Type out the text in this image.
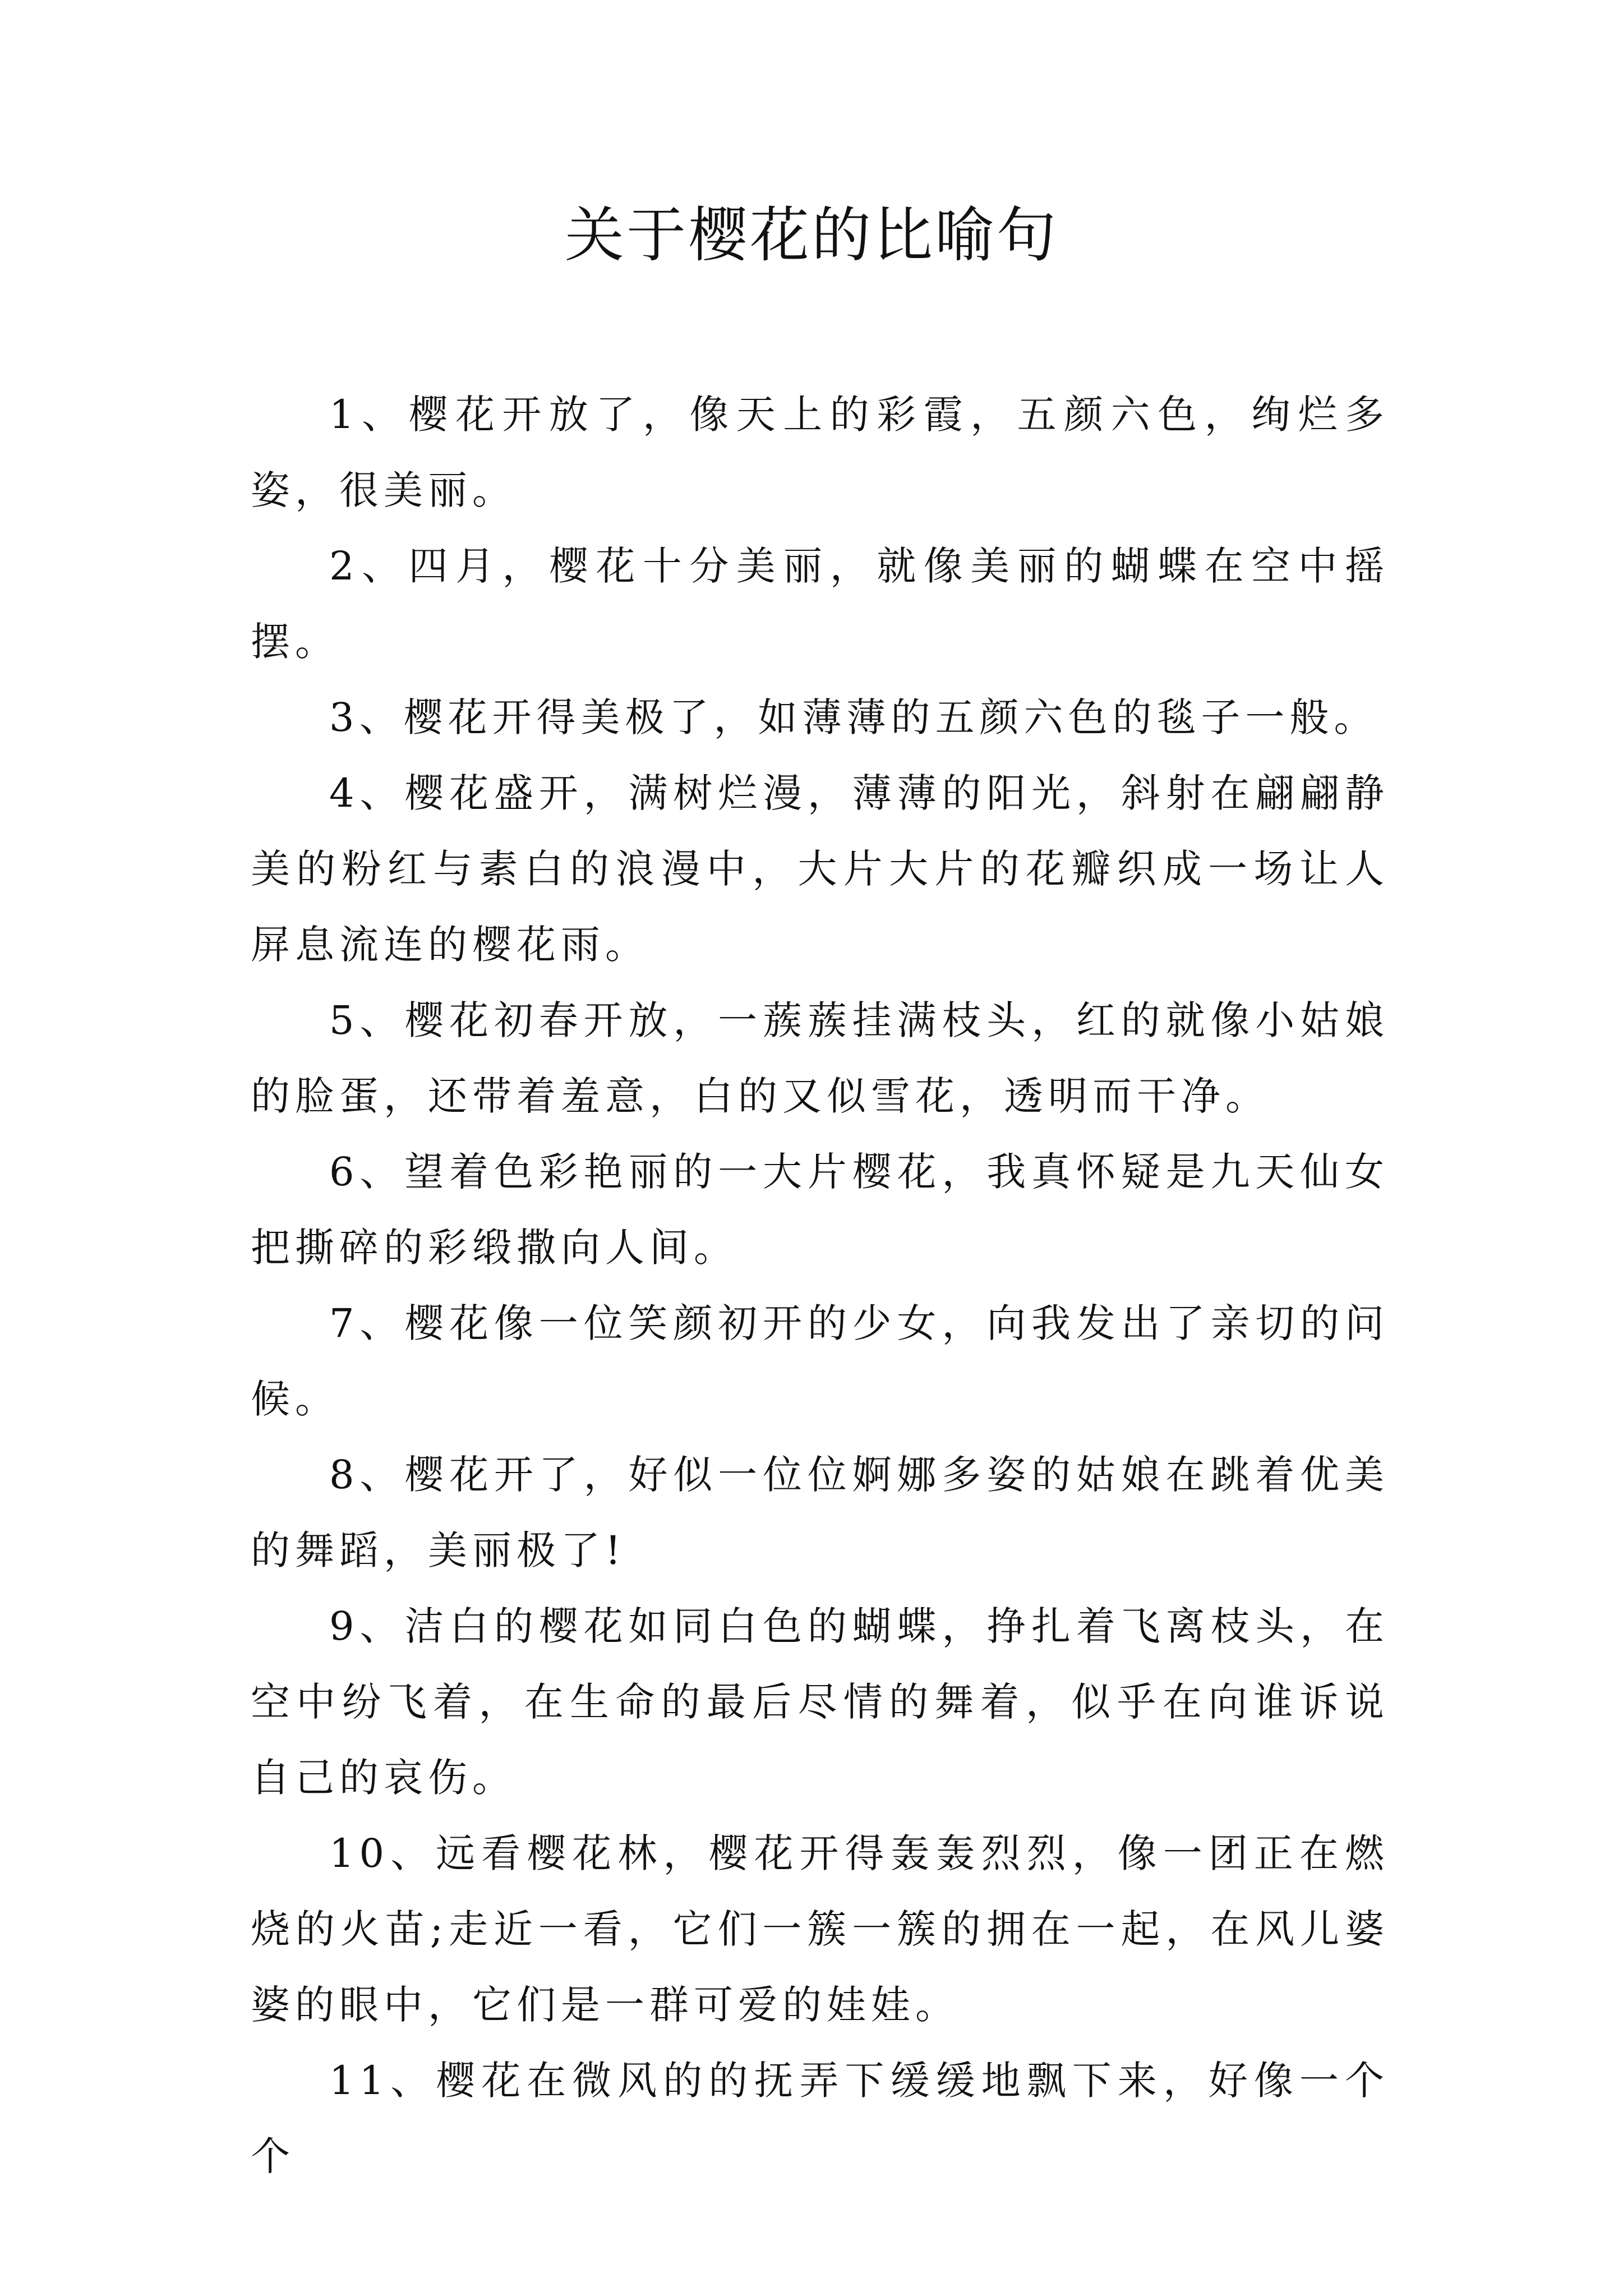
关于樱花的比喻句

1、樱花开放了，像天上的彩霞，五颜六色，绚烂多姿，很美丽。

2、四月，樱花十分美丽，就像美丽的蝴蝶在空中摇摆。

3、樱花开得美极了，如薄薄的五颜六色的毯子一般。

4、樱花盛开，满树烂漫，薄薄的阳光，斜射在翩翩静美的粉红与素白的浪漫中，大片大片的花瓣织成一场让人屏息流连的樱花雨。

5、樱花初春开放，一蔟蔟挂满枝头，红的就像小姑娘的脸蛋，还带着羞意，白的又似雪花，透明而干净。

6、望着色彩艳丽的一大片樱花，我真怀疑是九天仙女把撕碎的彩缎撒向人间。

7、樱花像一位笑颜初开的少女，向我发出了亲切的问候。

8、樱花开了，好似一位位婀娜多姿的姑娘在跳着优美的舞蹈，美丽极了!

9、洁白的樱花如同白色的蝴蝶，挣扎着飞离枝头，在空中纷飞着，在生命的最后尽情的舞着，似乎在向谁诉说自己的哀伤。

10、远看樱花林，樱花开得轰轰烈烈，像一团正在燃烧的火苗;走近一看，它们一簇一簇的拥在一起，在风儿婆婆的眼中，它们是一群可爱的娃娃。

11、樱花在微风的的抚弄下缓缓地飘下来，好像一个个
